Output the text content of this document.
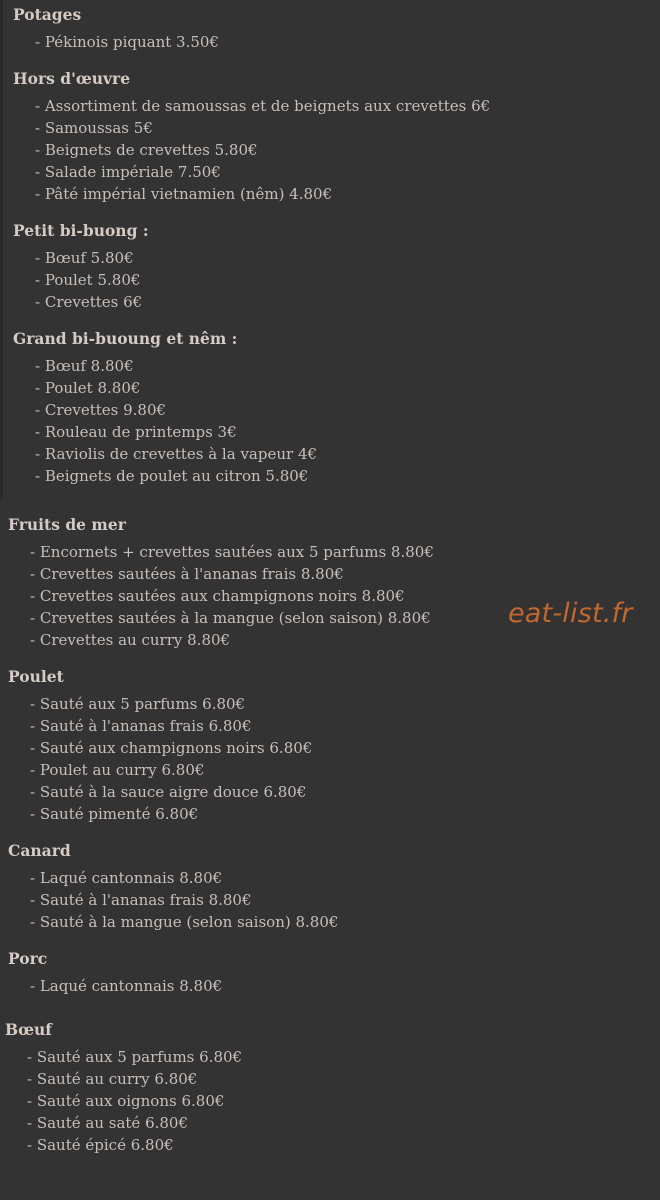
Potages
- Pékinois piquant 3.50€
Hors d'œuvre
- Assortiment de samoussas et de beignets aux crevettes 6€
- Samoussas 5€
- Beignets de crevettes 5.80€
- Salade impériale 7.50€
- Pâté impérial vietnamien (nêm) 4.80€
Petit bi-buong :
- Bœuf 5.80€
- Poulet 5.80€
- Crevettes 6€
Grand bi-buoung et nêm :
- Bœuf 8.80€
- Poulet 8.80€
- Crevettes 9.80€
- Rouleau de printemps 3€
- Raviolis de crevettes à la vapeur 4€
- Beignets de poulet au citron 5.80€
Fruits de mer
- Encornets + crevettes sautées aux 5 parfums 8.80€
- Crevettes sautées à l'ananas frais 8.80€
- Crevettes sautées aux champignons noirs 8.80€
- Crevettes sautées à la mangue (selon saison) 8.80€
- Crevettes au curry 8.80€
Poulet
- Sauté aux 5 parfums 6.80€
- Sauté à l'ananas frais 6.80€
- Sauté aux champignons noirs 6.80€
- Poulet au curry 6.80€
- Sauté à la sauce aigre douce 6.80€
- Sauté pimenté 6.80€
Canard
- Laqué cantonnais 8.80€
- Sauté à l'ananas frais 8.80€
- Sauté à la mangue (selon saison) 8.80€
Porc
- Laqué cantonnais 8.80€
Bœuf
- Sauté aux 5 parfums 6.80€
- Sauté au curry 6.80€
- Sauté aux oignons 6.80€
- Sauté au saté 6.80€
- Sauté épicé 6.80€
eat-list.fr
